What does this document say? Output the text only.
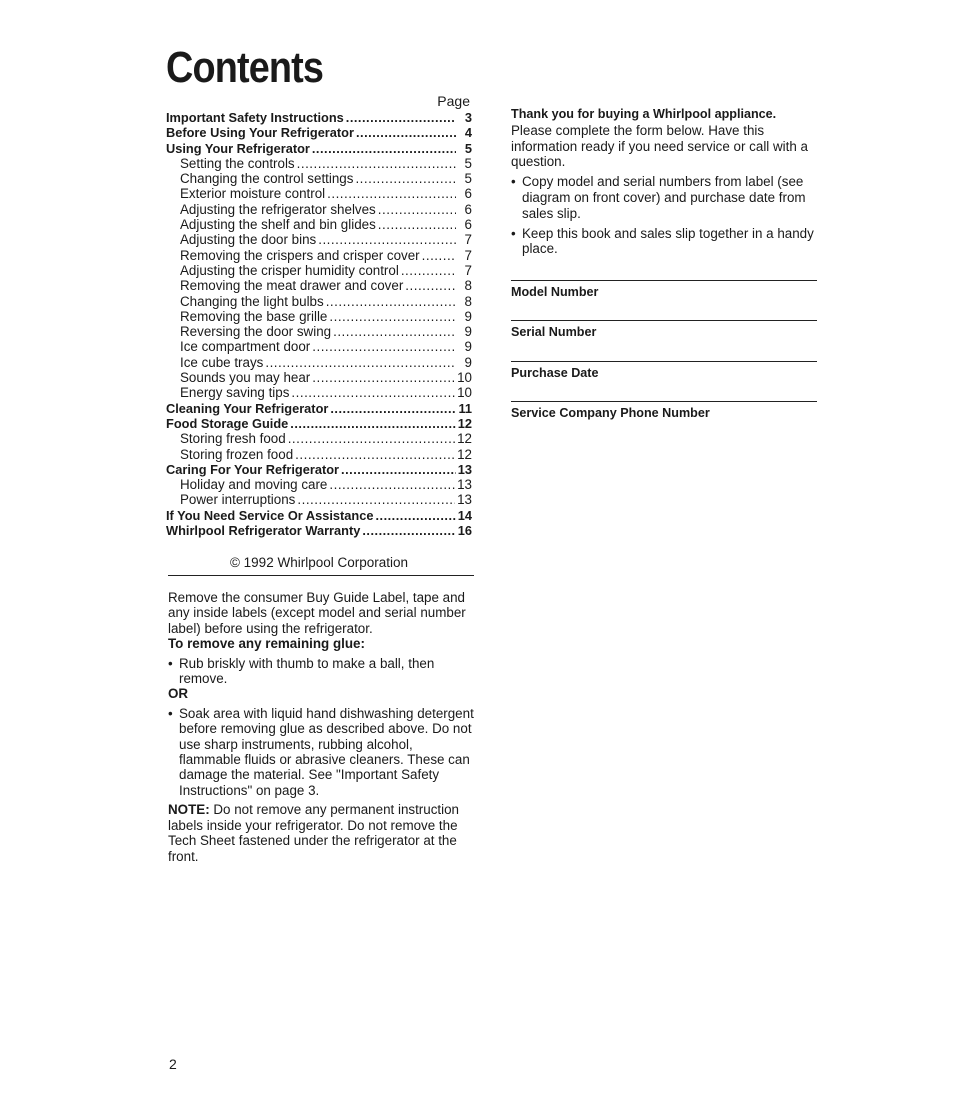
Contents
Page
Important Safety Instructions .....	3
Before Using Your Refrigerator .....	4
Using Your Refrigerator .....	5
Setting the controls .....	5
Changing the control settings .....	5
Exterior moisture control .....	6
Adjusting the refrigerator shelves .....	6
Adjusting the shelf and bin glides .....	6
Adjusting the door bins .....	7
Removing the crispers and crisper cover .....	7
Adjusting the crisper humidity control .....	7
Removing the meat drawer and cover .....	8
Changing the light bulbs .....	8
Removing the base grille .....	9
Reversing the door swing .....	9
Ice compartment door .....	9
Ice cube trays .....	9
Sounds you may hear .....	10
Energy saving tips .....	10
Cleaning Your Refrigerator .....	11
Food Storage Guide .....	12
Storing fresh food .....	12
Storing frozen food .....	12
Caring For Your Refrigerator .....	13
Holiday and moving care .....	13
Power interruptions .....	13
If You Need Service Or Assistance .....	14
Whirlpool Refrigerator Warranty .....	16
© 1992 Whirlpool Corporation

Remove the consumer Buy Guide Label, tape and any inside labels (except model and serial number label) before using the refrigerator.

To remove any remaining glue:

• Rub briskly with thumb to make a ball, then remove.

OR

• Soak area with liquid hand dishwashing detergent before removing glue as described above. Do not use sharp instruments, rubbing alcohol, flammable fluids or abrasive cleaners. These can damage the material. See "Important Safety Instructions" on page 3.

NOTE: Do not remove any permanent instruction labels inside your refrigerator. Do not remove the Tech Sheet fastened under the refrigerator at the front.

Thank you for buying a Whirlpool appliance.

Please complete the form below. Have this information ready if you need service or call with a question.

• Copy model and serial numbers from label (see diagram on front cover) and purchase date from sales slip.
• Keep this book and sales slip together in a handy place.
Model Number
Serial Number
Purchase Date
Service Company Phone Number
2
